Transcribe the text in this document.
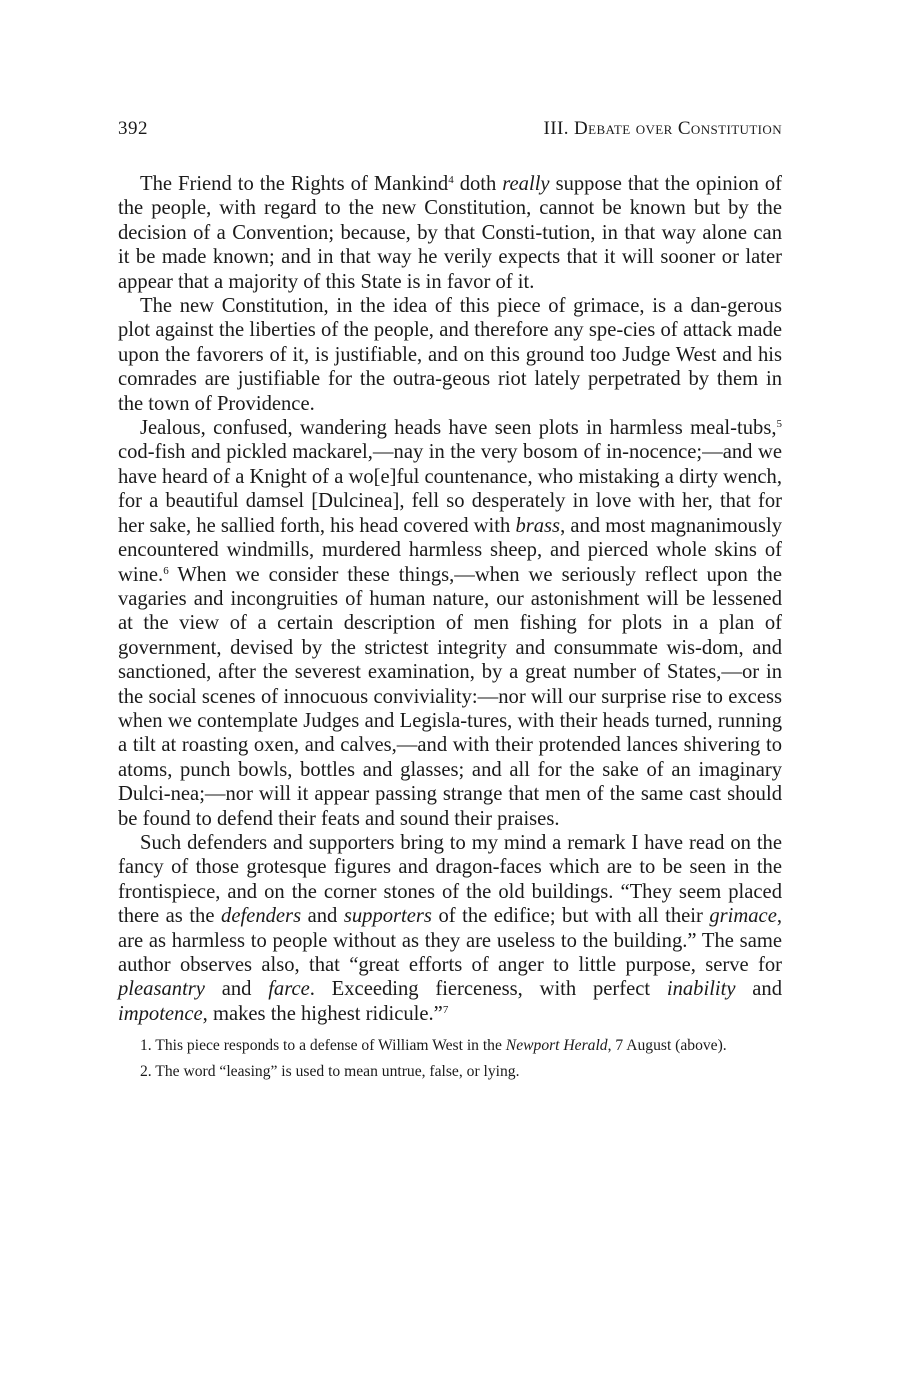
392	III. Debate over Constitution

The Friend to the Rights of Mankind$^4$ doth really suppose that the opinion of the people, with regard to the new Constitution, cannot be known but by the decision of a Convention; because, by that Consti-tution, in that way alone can it be made known; and in that way he verily expects that it will sooner or later appear that a majority of this State is in favor of it.

The new Constitution, in the idea of this piece of grimace, is a dan-gerous plot against the liberties of the people, and therefore any spe-cies of attack made upon the favorers of it, is justifiable, and on this ground too Judge West and his comrades are justifiable for the outra-geous riot lately perpetrated by them in the town of Providence.

Jealous, confused, wandering heads have seen plots in harmless meal-tubs,$^5$ cod-fish and pickled mackarel,—nay in the very bosom of in-nocence;—and we have heard of a Knight of a wo[e]ful countenance, who mistaking a dirty wench, for a beautiful damsel [Dulcinea], fell so desperately in love with her, that for her sake, he sallied forth, his head covered with brass, and most magnanimously encountered windmills, murdered harmless sheep, and pierced whole skins of wine.$^6$ When we consider these things,—when we seriously reflect upon the vagaries and incongruities of human nature, our astonishment will be lessened at the view of a certain description of men fishing for plots in a plan of government, devised by the strictest integrity and consummate wis-dom, and sanctioned, after the severest examination, by a great number of States,—or in the social scenes of innocuous conviviality:—nor will our surprise rise to excess when we contemplate Judges and Legisla-tures, with their heads turned, running a tilt at roasting oxen, and calves,—and with their protended lances shivering to atoms, punch bowls, bottles and glasses; and all for the sake of an imaginary Dulci-nea;—nor will it appear passing strange that men of the same cast should be found to defend their feats and sound their praises.

Such defenders and supporters bring to my mind a remark I have read on the fancy of those grotesque figures and dragon-faces which are to be seen in the frontispiece, and on the corner stones of the old buildings. “They seem placed there as the defenders and supporters of the edifice; but with all their grimace, are as harmless to people without as they are useless to the building.” The same author observes also, that “great efforts of anger to little purpose, serve for pleasantry and farce. Exceeding fierceness, with perfect inability and impotence, makes the highest ridicule.”$^7$

1. This piece responds to a defense of William West in the Newport Herald, 7 August (above).

2. The word “leasing” is used to mean untrue, false, or lying.
